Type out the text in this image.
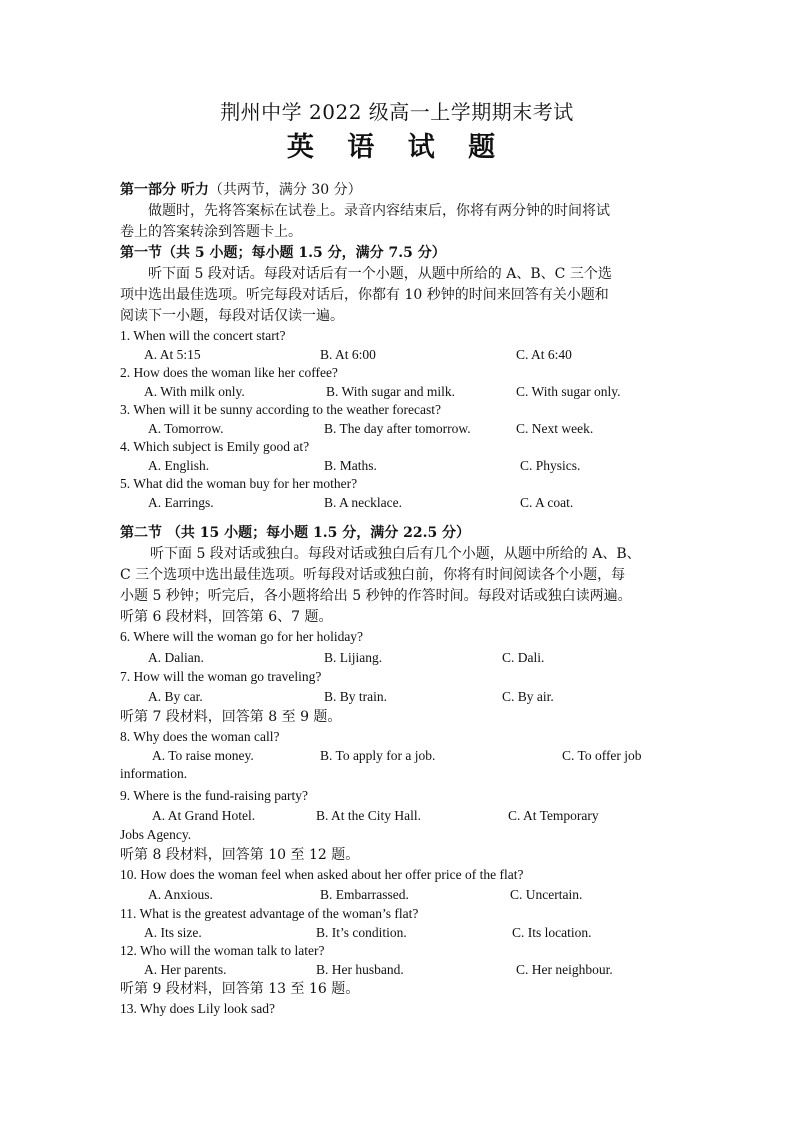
荆州中学 2022 级高一上学期期末考试
英 语 试 题
第一部分 听力（共两节，满分 30 分）
做题时，先将答案标在试卷上。录音内容结束后，你将有两分钟的时间将试
卷上的答案转涂到答题卡上。
第一节（共 5 小题；每小题 1.5 分，满分 7.5 分）
听下面 5 段对话。每段对话后有一个小题，从题中所给的 A、B、C 三个选
项中选出最佳选项。听完每段对话后，你都有 10 秒钟的时间来回答有关小题和
阅读下一小题，每段对话仅读一遍。
1. When will the concert start?
A. At 5:15	B. At 6:00	C. At 6:40
2. How does the woman like her coffee?
A. With milk only.	B. With sugar and milk.	C. With sugar only.
3. When will it be sunny according to the weather forecast?
A. Tomorrow.	B. The day after tomorrow.	C. Next week.
4. Which subject is Emily good at?
A. English.	B. Maths.	C. Physics.
5. What did the woman buy for her mother?
A. Earrings.	B. A necklace.	C. A coat.
第二节 （共 15 小题；每小题 1.5 分，满分 22.5 分）
听下面 5 段对话或独白。每段对话或独白后有几个小题，从题中所给的 A、B、
C 三个选项中选出最佳选项。听每段对话或独白前，你将有时间阅读各个小题，每
小题 5 秒钟；听完后，各小题将给出 5 秒钟的作答时间。每段对话或独白读两遍。
听第 6 段材料，回答第 6、7 题。
6. Where will the woman go for her holiday?
A. Dalian.	B. Lijiang.	C. Dali.
7. How will the woman go traveling?
A. By car.	B. By train.	C. By air.
听第 7 段材料，回答第 8 至 9 题。
8. Why does the woman call?
A. To raise money.	B. To apply for a job.	C. To offer job
information.
9. Where is the fund-raising party?
A. At Grand Hotel.	B. At the City Hall.	C. At Temporary
Jobs Agency.
听第 8 段材料，回答第 10 至 12 题。
10. How does the woman feel when asked about her offer price of the flat?
A. Anxious.	B. Embarrassed.	C. Uncertain.
11. What is the greatest advantage of the woman’s flat?
A. Its size.	B. It’s condition.	C. Its location.
12. Who will the woman talk to later?
A. Her parents.	B. Her husband.	C. Her neighbour.
听第 9 段材料，回答第 13 至 16 题。
13. Why does Lily look sad?
